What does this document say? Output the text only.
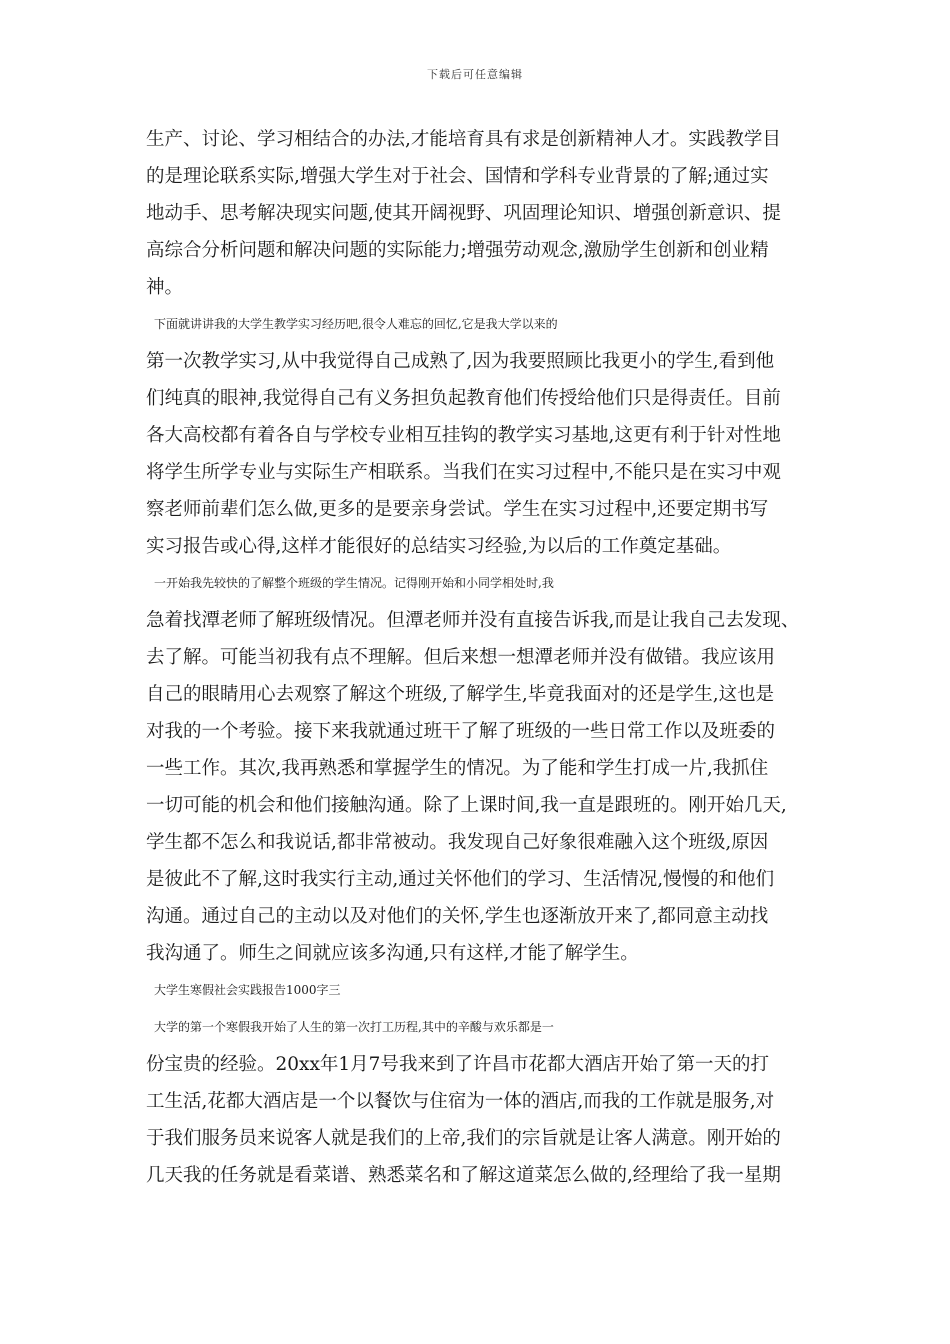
下载后可任意编辑
生产、讨论、学习相结合的办法,才能培育具有求是创新精神人才。实践教学目
的是理论联系实际,增强大学生对于社会、国情和学科专业背景的了解;通过实
地动手、思考解决现实问题,使其开阔视野、巩固理论知识、增强创新意识、提
高综合分析问题和解决问题的实际能力;增强劳动观念,激励学生创新和创业精
神。
下面就讲讲我的大学生教学实习经历吧,很令人难忘的回忆,它是我大学以来的
第一次教学实习,从中我觉得自己成熟了,因为我要照顾比我更小的学生,看到他
们纯真的眼神,我觉得自己有义务担负起教育他们传授给他们只是得责任。目前
各大高校都有着各自与学校专业相互挂钩的教学实习基地,这更有利于针对性地
将学生所学专业与实际生产相联系。当我们在实习过程中,不能只是在实习中观
察老师前辈们怎么做,更多的是要亲身尝试。学生在实习过程中,还要定期书写
实习报告或心得,这样才能很好的总结实习经验,为以后的工作奠定基础。
一开始我先较快的了解整个班级的学生情况。记得刚开始和小同学相处时,我
急着找潭老师了解班级情况。但潭老师并没有直接告诉我,而是让我自己去发现、
去了解。可能当初我有点不理解。但后来想一想潭老师并没有做错。我应该用
自己的眼睛用心去观察了解这个班级,了解学生,毕竟我面对的还是学生,这也是
对我的一个考验。接下来我就通过班干了解了班级的一些日常工作以及班委的
一些工作。其次,我再熟悉和掌握学生的情况。为了能和学生打成一片,我抓住
一切可能的机会和他们接触沟通。除了上课时间,我一直是跟班的。刚开始几天,
学生都不怎么和我说话,都非常被动。我发现自己好象很难融入这个班级,原因
是彼此不了解,这时我实行主动,通过关怀他们的学习、生活情况,慢慢的和他们
沟通。通过自己的主动以及对他们的关怀,学生也逐渐放开来了,都同意主动找
我沟通了。师生之间就应该多沟通,只有这样,才能了解学生。
大学生寒假社会实践报告1000字三
大学的第一个寒假我开始了人生的第一次打工历程,其中的辛酸与欢乐都是一
份宝贵的经验。20xx年1月7号我来到了许昌市花都大酒店开始了第一天的打
工生活,花都大酒店是一个以餐饮与住宿为一体的酒店,而我的工作就是服务,对
于我们服务员来说客人就是我们的上帝,我们的宗旨就是让客人满意。刚开始的
几天我的任务就是看菜谱、熟悉菜名和了解这道菜怎么做的,经理给了我一星期
